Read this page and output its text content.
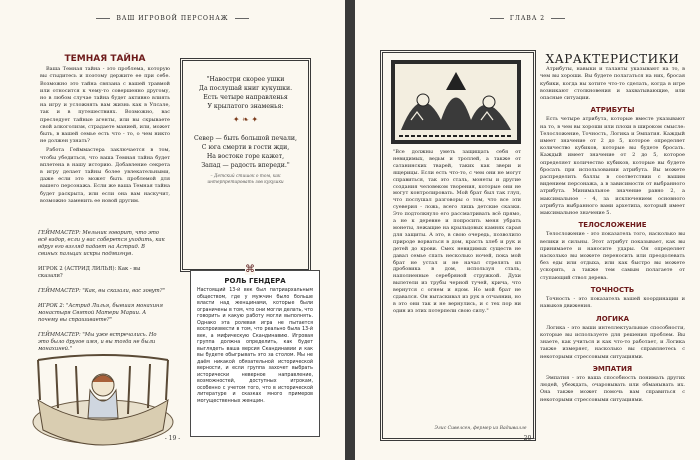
ВАШ ИГРОВОЙ ПЕРСОНАЖ
ТЕМНАЯ ТАЙНА

Ваша Темная тайна - это проблема, которую вы стыдитесь и поэтому держите ее при себе. Возможно это тайна связана с вашей травмой или относится к чему-то совершенно другому, но в любом случае тайна будет активно влиять на игру и усложнять вам жизнь как в Упсале, так и в путешествиях. Возможно, вас преследует тайные агенты, или вы скрываете свой алкоголизм, страдаете манией, или, может быть, в вашей семье есть что - то, о чем никто не должен узнать?

Работа Гейммастера заключается в том, чтобы убедиться, что ваша Темная тайна будет вплетена в нашу историю. Добавление секрета в игру делает тайны более увлекательными, даже если это может быть проблемой для вашего персонажа. Если же ваша Темная тайна будет раскрыта, или если она вам наскучит, возможно заменить ее новой другим.

ГЕЙММАСТЕР: Мельник говорит, что это всё вздор, если у вас соберется уходить, как вдруг его взгляд падает на Астрид. В свиных пальцах искры подмигнув.
ИГРОК 2 (АСТРИД ЛИЛЬЯ): Как - вы сказали?
ГЕЙММАСТЕР: "Как, вы сказали, вас зовут?"
ИГРОК 2: "Астрид Лилья, бывшая монахиня монастыря Святой Матери Марии. А почему вы спрашиваете?"
ГЕЙММАСТЕР: "Мы уже встречались. Но это было другое имя, и вы тогда не были монахиней."
"Навостри скорее ушки
Да послушай книг кукушки.
Есть четыре направленья
У крылатого знаменья:
✦ ❧ ✦
Север — быть большой печали,
С юга смерти в гости жди,
На востоке горе кажет,
Запад — радость впереди."
– Детский стишок о том, как интерпретировать зов кукушки
⌘
РОЛЬ ГЕНДЕРА
Настоящий 13-й век был патриархальным обществом, где у мужчин было больше власти над женщинами, которые были ограничены в том, что они могли делать, что говорить и какую работу могли выполнять. Однако эта ролевая игра не пытается воспроизвести в том, что реально была 13-й век, а мифическую Скандинавию. Игровая группа должна определить, как будет выглядеть ваша версия Скандинавии и как вы будете обыгрывать это за столом. Мы не даём никакой обязательной исторической верности, и если группа захочет выбрать исторически неверное направление, возможностей, доступных игрокам, особенно с учетом того, что в исторической литературе и сказках много примеров могущественных женщин.
- 19 -
ГЛАВА 2
"Все должны уметь защищать себя от невидимых, ведьм и троллей, а также от сатанинских тварей, таких как звери и ящерицы. Если есть что-то, с чем они не могут справиться, так это сталь, монеты и другие создания человеком творения, которые они не могут контролировать. Мой брат был так глуп, что послушал разговоры о том, что все эти суеверия - ложь, всего лишь детские сказки. Это подтолкнуло его рассматривать всё прямо, а не к деревне и попросить меня убрать монеты, лежащие на крыльцовых камнях сарая для защиты. А это, в свою очередь, позволило природе ворваться в дом, красть хлеб и рук и детей до крови. Смех невидимых существ не давал семье спать несколько ночей, пока мой брат не устал и не начал стрелять из дробовика в дом, используя сталь, наполненные серебряной стружкой. Духи вылетели из трубы черной тучей, крича, что вернутся с огнем и ядом. Но мой брат не сдавался. Он вытаскивал из рук в отчаянии, но в это они так и не вернулись, и с тех пор ни один из этих потерпели свою силу."
Элис Сивелсен, фермер из Вадшвалле
ХАРАКТЕРИСТИКИ

Атрибуты, навыки и таланты указывают на то, в чем вы хороши. Вы будете полагаться на них, бросая кубики, когда вы хотите что-то сделать, когда в игре возникают столкновения и захватывающие, или опасные ситуации.

АТРИБУТЫ

Есть четыре атрибута, которые вместе указывают на то, в чем вы хороши или плохи в широком смысле: Телосложение, Точность, Логика и Эмпатия. Каждый имеет значение от 2 до 5, которое определяет количество кубиков, которые вы будете бросать. Каждый имеет значение от 2 до 5, которое определяет количество кубиков, которые вы будете бросать при использовании атрибута. Вы можете распределить баллы в соответствии с вашим видением персонажа, а в зависимости от выбранного атрибута. Минимальное значение равно 2, а максимальное - 4, за исключением основного атрибута выбранного вами архетипа, который имеет максимальное значение 5.

ТЕЛОСЛОЖЕНИЕ

Телосложение - это показатель того, насколько вы велики и сильны. Этот атрибут показывает, как вы принимаете и наносите удары. Он определяет насколько вы можете переносить или преодолевать без еды или отдыха, или как быстро вы можете ускорить, а также тем самым полагаете от ступающий ствол дерева.

ТОЧНОСТЬ

Точность - это показатель вашей координации и навыков движения.

ЛОГИКА

Логика - это ваши интеллектуальные способности, которые вы используете для решения проблем. Вы знаете, как учиться и как что-то работает, и Логика также измеряет, насколько вы справляетесь с некоторыми стрессовыми ситуациями.

ЭМПАТИЯ

Эмпатия - это ваша способность понимать других людей, убеждать, очаровывать или обманывать их. Она также может помочь вам справиться с некоторыми стрессовыми ситуациями.

- 20 -
